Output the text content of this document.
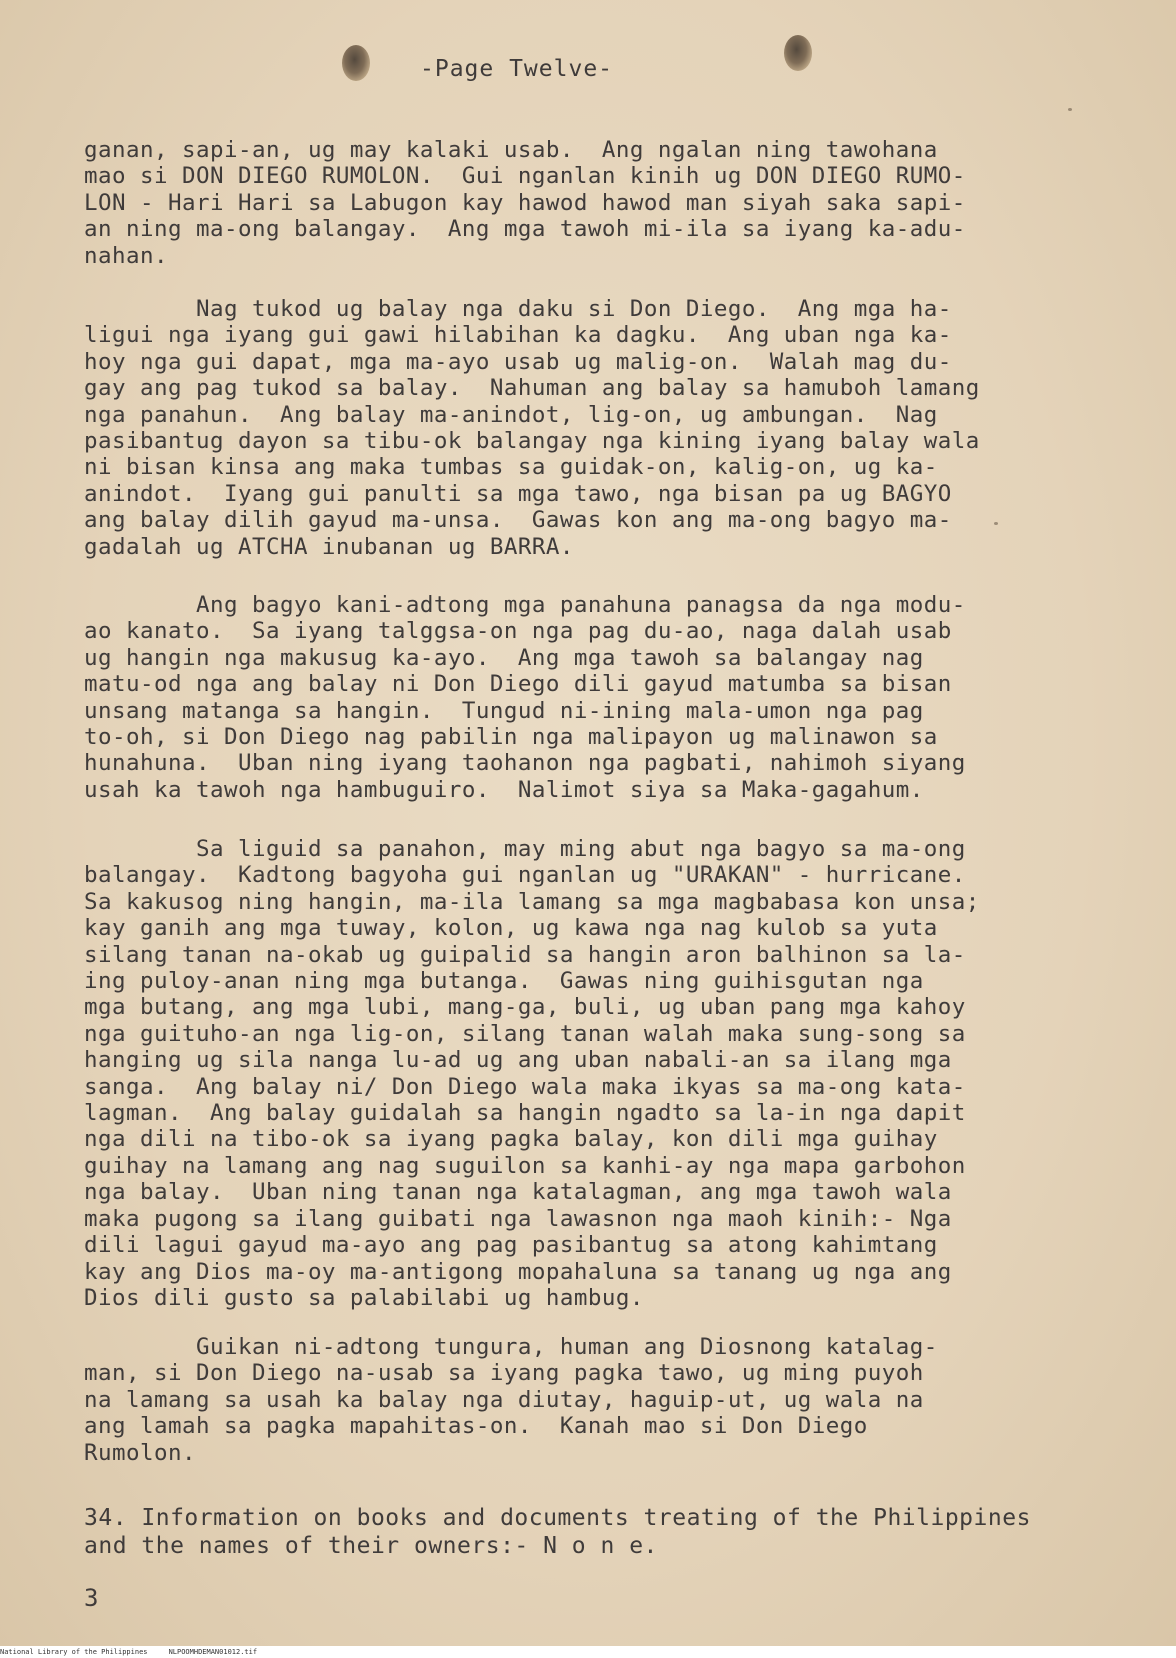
-Page Twelve-
ganan, sapi-an, ug may kalaki usab.  Ang ngalan ning tawohana
mao si DON DIEGO RUMOLON.  Gui nganlan kinih ug DON DIEGO RUMO-
LON - Hari Hari sa Labugon kay hawod hawod man siyah saka sapi-
an ning ma-ong balangay.  Ang mga tawoh mi-ila sa iyang ka-adu-
nahan.
Nag tukod ug balay nga daku si Don Diego.  Ang mga ha-
ligui nga iyang gui gawi hilabihan ka dagku.  Ang uban nga ka-
hoy nga gui dapat, mga ma-ayo usab ug malig-on.  Walah mag du-
gay ang pag tukod sa balay.  Nahuman ang balay sa hamuboh lamang
nga panahun.  Ang balay ma-anindot, lig-on, ug ambungan.  Nag
pasibantug dayon sa tibu-ok balangay nga kining iyang balay wala
ni bisan kinsa ang maka tumbas sa guidak-on, kalig-on, ug ka-
anindot.  Iyang gui panulti sa mga tawo, nga bisan pa ug BAGYO
ang balay dilih gayud ma-unsa.  Gawas kon ang ma-ong bagyo ma-
gadalah ug ATCHA inubanan ug BARRA.
Ang bagyo kani-adtong mga panahuna panagsa da nga modu-
ao kanato.  Sa iyang talggsa-on nga pag du-ao, naga dalah usab
ug hangin nga makusug ka-ayo.  Ang mga tawoh sa balangay nag
matu-od nga ang balay ni Don Diego dili gayud matumba sa bisan
unsang matanga sa hangin.  Tungud ni-ining mala-umon nga pag
to-oh, si Don Diego nag pabilin nga malipayon ug malinawon sa
hunahuna.  Uban ning iyang taohanon nga pagbati, nahimoh siyang
usah ka tawoh nga hambuguiro.  Nalimot siya sa Maka-gagahum.
Sa liguid sa panahon, may ming abut nga bagyo sa ma-ong
balangay.  Kadtong bagyoha gui nganlan ug "URAKAN" - hurricane.
Sa kakusog ning hangin, ma-ila lamang sa mga magbabasa kon unsa;
kay ganih ang mga tuway, kolon, ug kawa nga nag kulob sa yuta
silang tanan na-okab ug guipalid sa hangin aron balhinon sa la-
ing puloy-anan ning mga butanga.  Gawas ning guihisgutan nga
mga butang, ang mga lubi, mang-ga, buli, ug uban pang mga kahoy
nga guituho-an nga lig-on, silang tanan walah maka sung-song sa
hanging ug sila nanga lu-ad ug ang uban nabali-an sa ilang mga
sanga.  Ang balay ni/ Don Diego wala maka ikyas sa ma-ong kata-
lagman.  Ang balay guidalah sa hangin ngadto sa la-in nga dapit
nga dili na tibo-ok sa iyang pagka balay, kon dili mga guihay
guihay na lamang ang nag suguilon sa kanhi-ay nga mapa garbohon
nga balay.  Uban ning tanan nga katalagman, ang mga tawoh wala
maka pugong sa ilang guibati nga lawasnon nga maoh kinih:- Nga
dili lagui gayud ma-ayo ang pag pasibantug sa atong kahimtang
kay ang Dios ma-oy ma-antigong mopahaluna sa tanang ug nga ang
Dios dili gusto sa palabilabi ug hambug.
Guikan ni-adtong tungura, human ang Diosnong katalag-
man, si Don Diego na-usab sa iyang pagka tawo, ug ming puyoh
na lamang sa usah ka balay nga diutay, haguip-ut, ug wala na
ang lamah sa pagka mapahitas-on.  Kanah mao si Don Diego
Rumolon.
34. Information on books and documents treating of the Philippines
and the names of their owners:- N o n e.
3
National Library of the Philippines     NLPOOMHDEMAN01012.tif
